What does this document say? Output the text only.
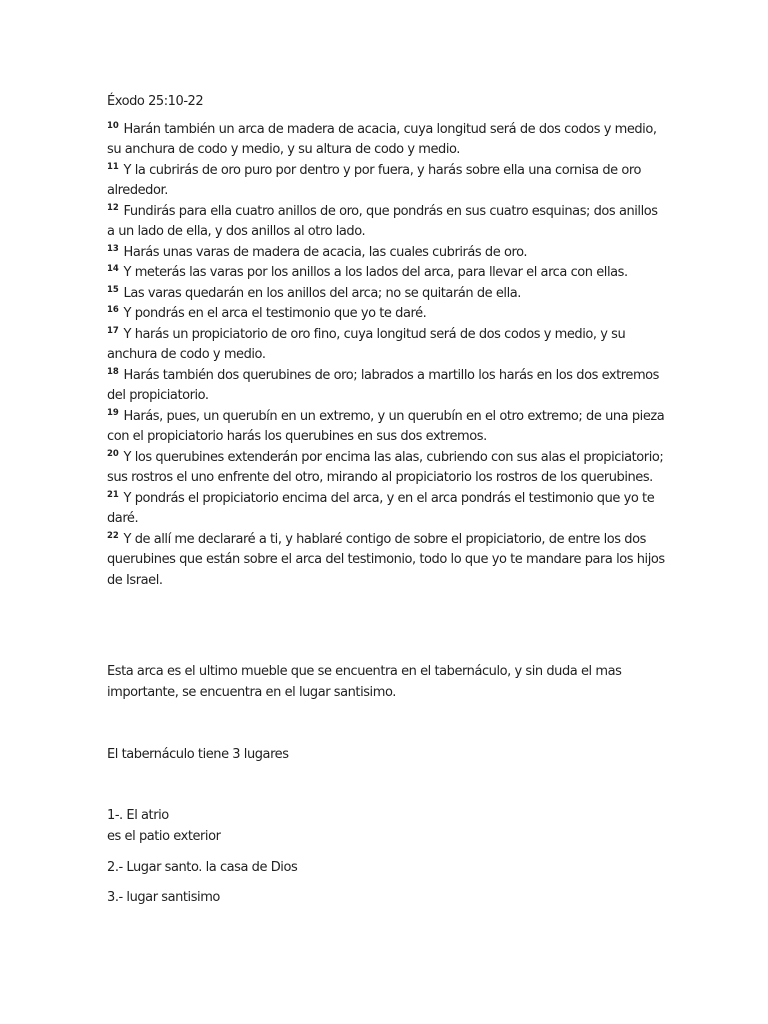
Éxodo 25:10-22

$^{10}$ Harán también un arca de madera de acacia, cuya longitud será de dos codos y medio, su anchura de codo y medio, y su altura de codo y medio.

$^{11}$ Y la cubrirás de oro puro por dentro y por fuera, y harás sobre ella una cornisa de oro alrededor.

$^{12}$ Fundirás para ella cuatro anillos de oro, que pondrás en sus cuatro esquinas; dos anillos a un lado de ella, y dos anillos al otro lado.

$^{13}$ Harás unas varas de madera de acacia, las cuales cubrirás de oro.

$^{14}$ Y meterás las varas por los anillos a los lados del arca, para llevar el arca con ellas.

$^{15}$ Las varas quedarán en los anillos del arca; no se quitarán de ella.

$^{16}$ Y pondrás en el arca el testimonio que yo te daré.

$^{17}$ Y harás un propiciatorio de oro fino, cuya longitud será de dos codos y medio, y su anchura de codo y medio.

$^{18}$ Harás también dos querubines de oro; labrados a martillo los harás en los dos extremos del propiciatorio.

$^{19}$ Harás, pues, un querubín en un extremo, y un querubín en el otro extremo; de una pieza con el propiciatorio harás los querubines en sus dos extremos.

$^{20}$ Y los querubines extenderán por encima las alas, cubriendo con sus alas el propiciatorio; sus rostros el uno enfrente del otro, mirando al propiciatorio los rostros de los querubines.

$^{21}$ Y pondrás el propiciatorio encima del arca, y en el arca pondrás el testimonio que yo te daré.

$^{22}$ Y de allí me declararé a ti, y hablaré contigo de sobre el propiciatorio, de entre los dos querubines que están sobre el arca del testimonio, todo lo que yo te mandare para los hijos de Israel.

Esta arca es el ultimo mueble que se encuentra en el tabernáculo, y sin duda el mas importante, se encuentra en el lugar santisimo.

El tabernáculo tiene 3 lugares

1-. El atrio
es el patio exterior

2.- Lugar santo. la casa de Dios

3.- lugar santisimo
